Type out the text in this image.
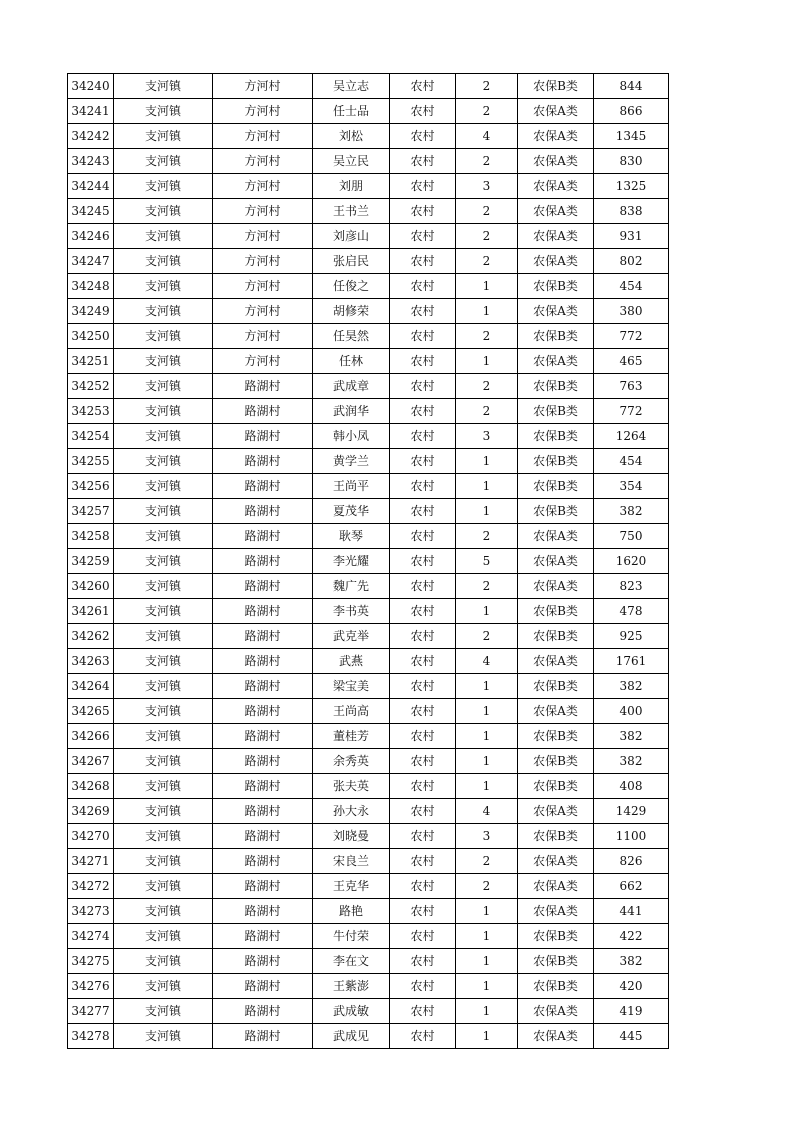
34240	支河镇	方河村	吴立志	农村	2	农保B类	844
34241	支河镇	方河村	任士品	农村	2	农保A类	866
34242	支河镇	方河村	刘松	农村	4	农保A类	1345
34243	支河镇	方河村	吴立民	农村	2	农保A类	830
34244	支河镇	方河村	刘朋	农村	3	农保A类	1325
34245	支河镇	方河村	王书兰	农村	2	农保A类	838
34246	支河镇	方河村	刘彦山	农村	2	农保A类	931
34247	支河镇	方河村	张启民	农村	2	农保A类	802
34248	支河镇	方河村	任俊之	农村	1	农保B类	454
34249	支河镇	方河村	胡修荣	农村	1	农保A类	380
34250	支河镇	方河村	任昊然	农村	2	农保B类	772
34251	支河镇	方河村	任林	农村	1	农保A类	465
34252	支河镇	路湖村	武成章	农村	2	农保B类	763
34253	支河镇	路湖村	武润华	农村	2	农保B类	772
34254	支河镇	路湖村	韩小凤	农村	3	农保B类	1264
34255	支河镇	路湖村	黄学兰	农村	1	农保B类	454
34256	支河镇	路湖村	王尚平	农村	1	农保B类	354
34257	支河镇	路湖村	夏茂华	农村	1	农保B类	382
34258	支河镇	路湖村	耿琴	农村	2	农保A类	750
34259	支河镇	路湖村	李光耀	农村	5	农保A类	1620
34260	支河镇	路湖村	魏广先	农村	2	农保A类	823
34261	支河镇	路湖村	李书英	农村	1	农保B类	478
34262	支河镇	路湖村	武克举	农村	2	农保B类	925
34263	支河镇	路湖村	武燕	农村	4	农保A类	1761
34264	支河镇	路湖村	梁宝美	农村	1	农保B类	382
34265	支河镇	路湖村	王尚高	农村	1	农保A类	400
34266	支河镇	路湖村	董桂芳	农村	1	农保B类	382
34267	支河镇	路湖村	余秀英	农村	1	农保B类	382
34268	支河镇	路湖村	张夫英	农村	1	农保B类	408
34269	支河镇	路湖村	孙大永	农村	4	农保A类	1429
34270	支河镇	路湖村	刘晓曼	农村	3	农保B类	1100
34271	支河镇	路湖村	宋良兰	农村	2	农保A类	826
34272	支河镇	路湖村	王克华	农村	2	农保A类	662
34273	支河镇	路湖村	路艳	农村	1	农保A类	441
34274	支河镇	路湖村	牛付荣	农村	1	农保B类	422
34275	支河镇	路湖村	李在文	农村	1	农保B类	382
34276	支河镇	路湖村	王紫澎	农村	1	农保B类	420
34277	支河镇	路湖村	武成敏	农村	1	农保A类	419
34278	支河镇	路湖村	武成见	农村	1	农保A类	445
